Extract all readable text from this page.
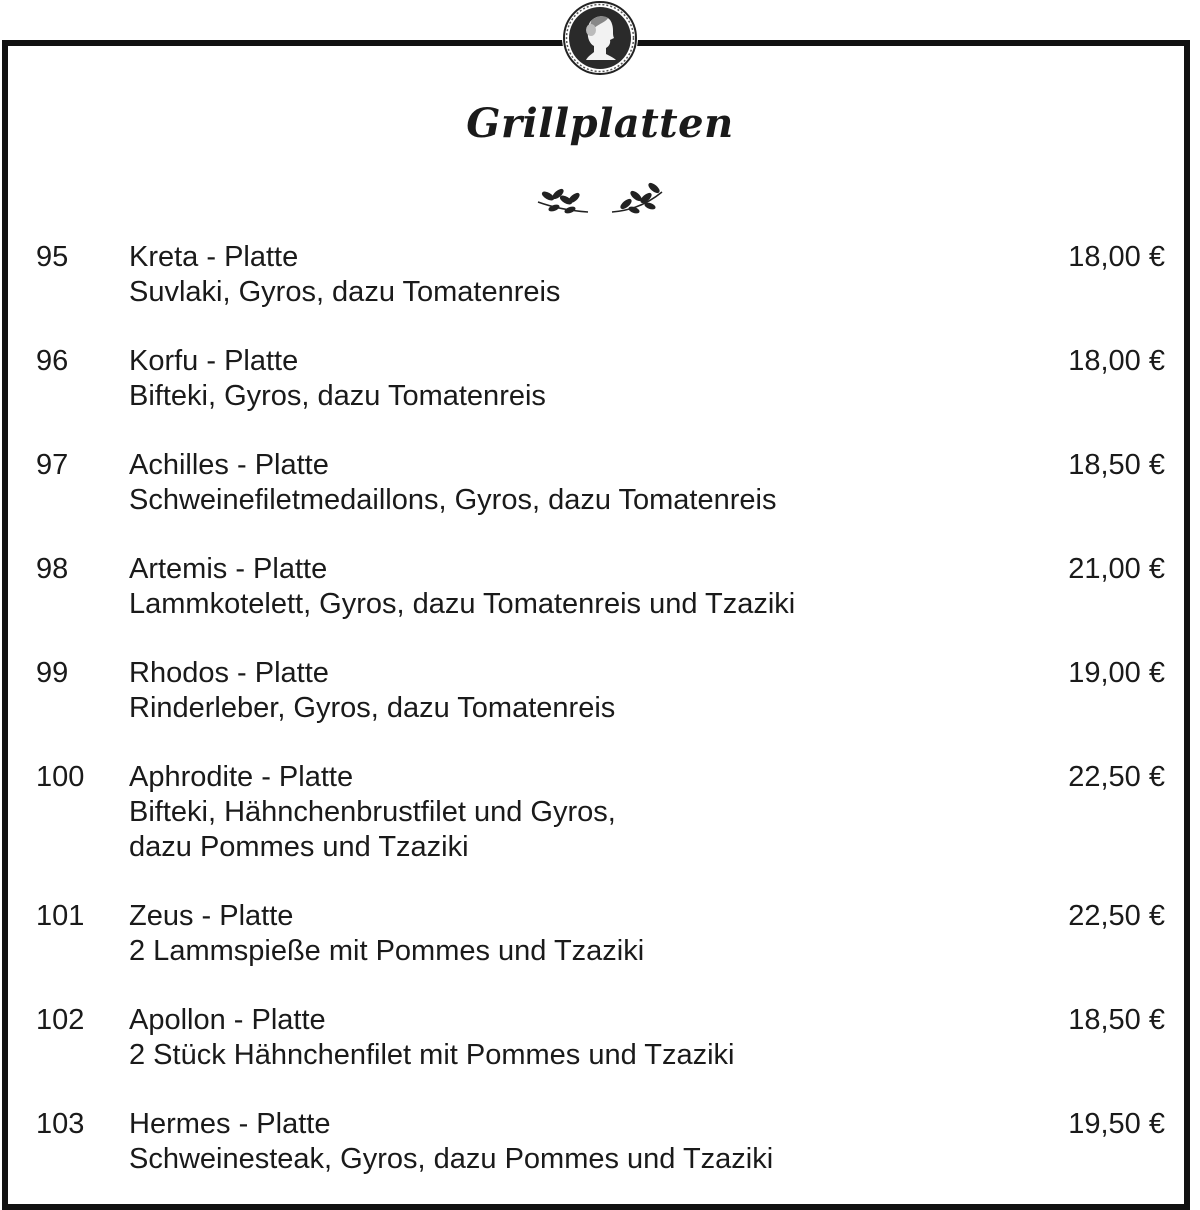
Grillplatten
95 Kreta - Platte
Suvlaki, Gyros, dazu Tomatenreis
18,00 €
96 Korfu - Platte
Bifteki, Gyros, dazu Tomatenreis
18,00 €
97 Achilles - Platte
Schweinefiletmedaillons, Gyros, dazu Tomatenreis
18,50 €
98 Artemis - Platte
Lammkotelett, Gyros, dazu Tomatenreis und Tzaziki
21,00 €
99 Rhodos - Platte
Rinderleber, Gyros, dazu Tomatenreis
19,00 €
100 Aphrodite - Platte
Bifteki, Hähnchenbrustfilet und Gyros,
dazu Pommes und Tzaziki
22,50 €
101 Zeus - Platte
2 Lammspieße mit Pommes und Tzaziki
22,50 €
102 Apollon - Platte
2 Stück Hähnchenfilet mit Pommes und Tzaziki
18,50 €
103 Hermes - Platte
Schweinesteak, Gyros, dazu Pommes und Tzaziki
19,50 €
